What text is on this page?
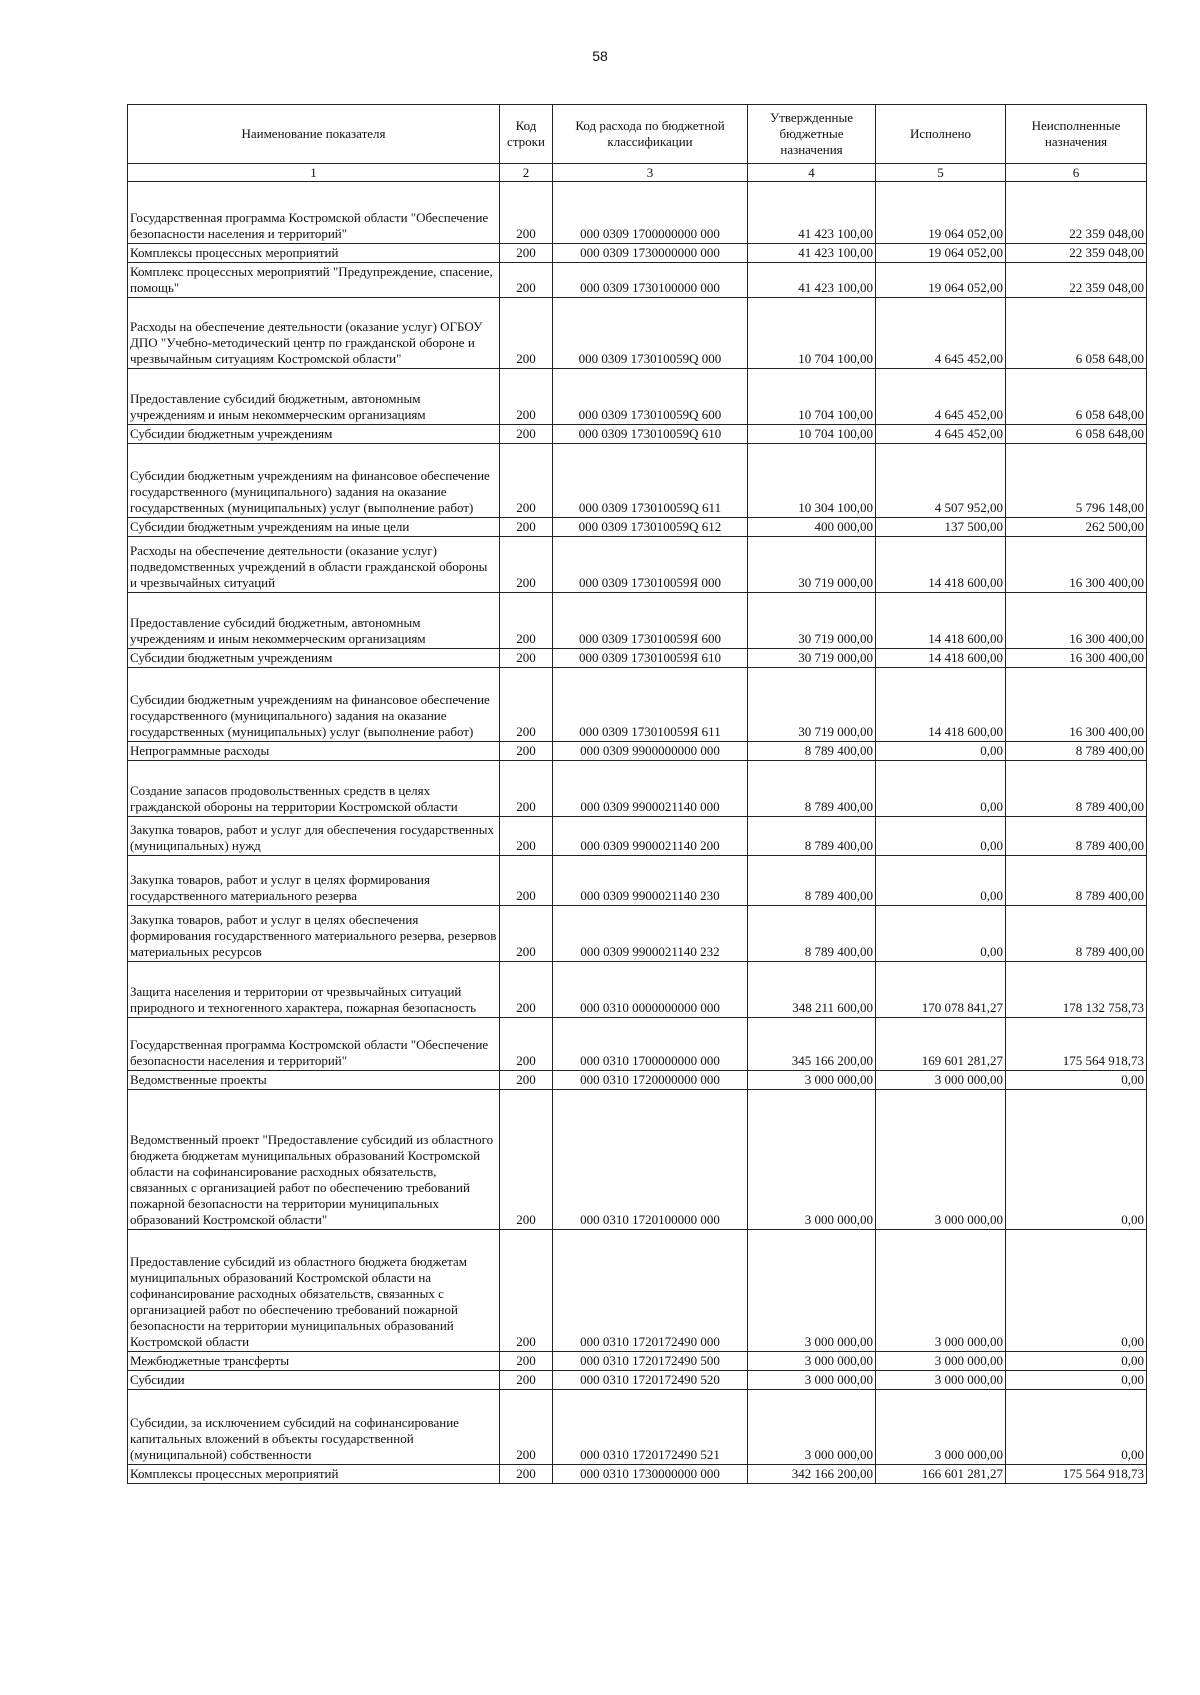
58
Наименование показателя	Код строки	Код расхода по бюджетной классификации	Утвержденные бюджетные назначения	Исполнено	Неисполненные назначения
1	2	3	4	5	6
Государственная программа Костромской области "Обеспечение безопасности населения и территорий"	200	000 0309 1700000000 000	41 423 100,00	19 064 052,00	22 359 048,00
Комплексы процессных мероприятий	200	000 0309 1730000000 000	41 423 100,00	19 064 052,00	22 359 048,00
Комплекс процессных мероприятий "Предупреждение, спасение, помощь"	200	000 0309 1730100000 000	41 423 100,00	19 064 052,00	22 359 048,00
Расходы на обеспечение деятельности (оказание услуг) ОГБОУ ДПО "Учебно-методический центр по гражданской обороне и чрезвычайным ситуациям Костромской области"	200	000 0309 173010059Q 000	10 704 100,00	4 645 452,00	6 058 648,00
Предоставление субсидий бюджетным, автономным учреждениям и иным некоммерческим организациям	200	000 0309 173010059Q 600	10 704 100,00	4 645 452,00	6 058 648,00
Субсидии бюджетным учреждениям	200	000 0309 173010059Q 610	10 704 100,00	4 645 452,00	6 058 648,00
Субсидии бюджетным учреждениям на финансовое обеспечение государственного (муниципального) задания на оказание государственных (муниципальных) услуг (выполнение работ)	200	000 0309 173010059Q 611	10 304 100,00	4 507 952,00	5 796 148,00
Субсидии бюджетным учреждениям на иные цели	200	000 0309 173010059Q 612	400 000,00	137 500,00	262 500,00
Расходы на обеспечение деятельности (оказание услуг) подведомственных учреждений в области гражданской обороны и чрезвычайных ситуаций	200	000 0309 173010059Я 000	30 719 000,00	14 418 600,00	16 300 400,00
Предоставление субсидий бюджетным, автономным учреждениям и иным некоммерческим организациям	200	000 0309 173010059Я 600	30 719 000,00	14 418 600,00	16 300 400,00
Субсидии бюджетным учреждениям	200	000 0309 173010059Я 610	30 719 000,00	14 418 600,00	16 300 400,00
Субсидии бюджетным учреждениям на финансовое обеспечение государственного (муниципального) задания на оказание государственных (муниципальных) услуг (выполнение работ)	200	000 0309 173010059Я 611	30 719 000,00	14 418 600,00	16 300 400,00
Непрограммные расходы	200	000 0309 9900000000 000	8 789 400,00	0,00	8 789 400,00
Создание запасов продовольственных средств в целях гражданской обороны на территории Костромской области	200	000 0309 9900021140 000	8 789 400,00	0,00	8 789 400,00
Закупка товаров, работ и услуг для обеспечения государственных (муниципальных) нужд	200	000 0309 9900021140 200	8 789 400,00	0,00	8 789 400,00
Закупка товаров, работ и услуг в целях формирования государственного материального резерва	200	000 0309 9900021140 230	8 789 400,00	0,00	8 789 400,00
Закупка товаров, работ и услуг в целях обеспечения формирования государственного материального резерва, резервов материальных ресурсов	200	000 0309 9900021140 232	8 789 400,00	0,00	8 789 400,00
Защита населения и территории от чрезвычайных ситуаций природного и техногенного характера, пожарная безопасность	200	000 0310 0000000000 000	348 211 600,00	170 078 841,27	178 132 758,73
Государственная программа Костромской области "Обеспечение безопасности населения и территорий"	200	000 0310 1700000000 000	345 166 200,00	169 601 281,27	175 564 918,73
Ведомственные проекты	200	000 0310 1720000000 000	3 000 000,00	3 000 000,00	0,00
Ведомственный проект "Предоставление субсидий из областного бюджета бюджетам муниципальных образований Костромской области на софинансирование расходных обязательств, связанных с организацией работ по обеспечению требований пожарной безопасности на территории муниципальных образований Костромской области"	200	000 0310 1720100000 000	3 000 000,00	3 000 000,00	0,00
Предоставление субсидий из областного бюджета бюджетам муниципальных образований Костромской области на софинансирование расходных обязательств, связанных с организацией работ по обеспечению требований пожарной безопасности на территории муниципальных образований Костромской области	200	000 0310 1720172490 000	3 000 000,00	3 000 000,00	0,00
Межбюджетные трансферты	200	000 0310 1720172490 500	3 000 000,00	3 000 000,00	0,00
Субсидии	200	000 0310 1720172490 520	3 000 000,00	3 000 000,00	0,00
Субсидии, за исключением субсидий на софинансирование капитальных вложений в объекты государственной (муниципальной) собственности	200	000 0310 1720172490 521	3 000 000,00	3 000 000,00	0,00
Комплексы процессных мероприятий	200	000 0310 1730000000 000	342 166 200,00	166 601 281,27	175 564 918,73
